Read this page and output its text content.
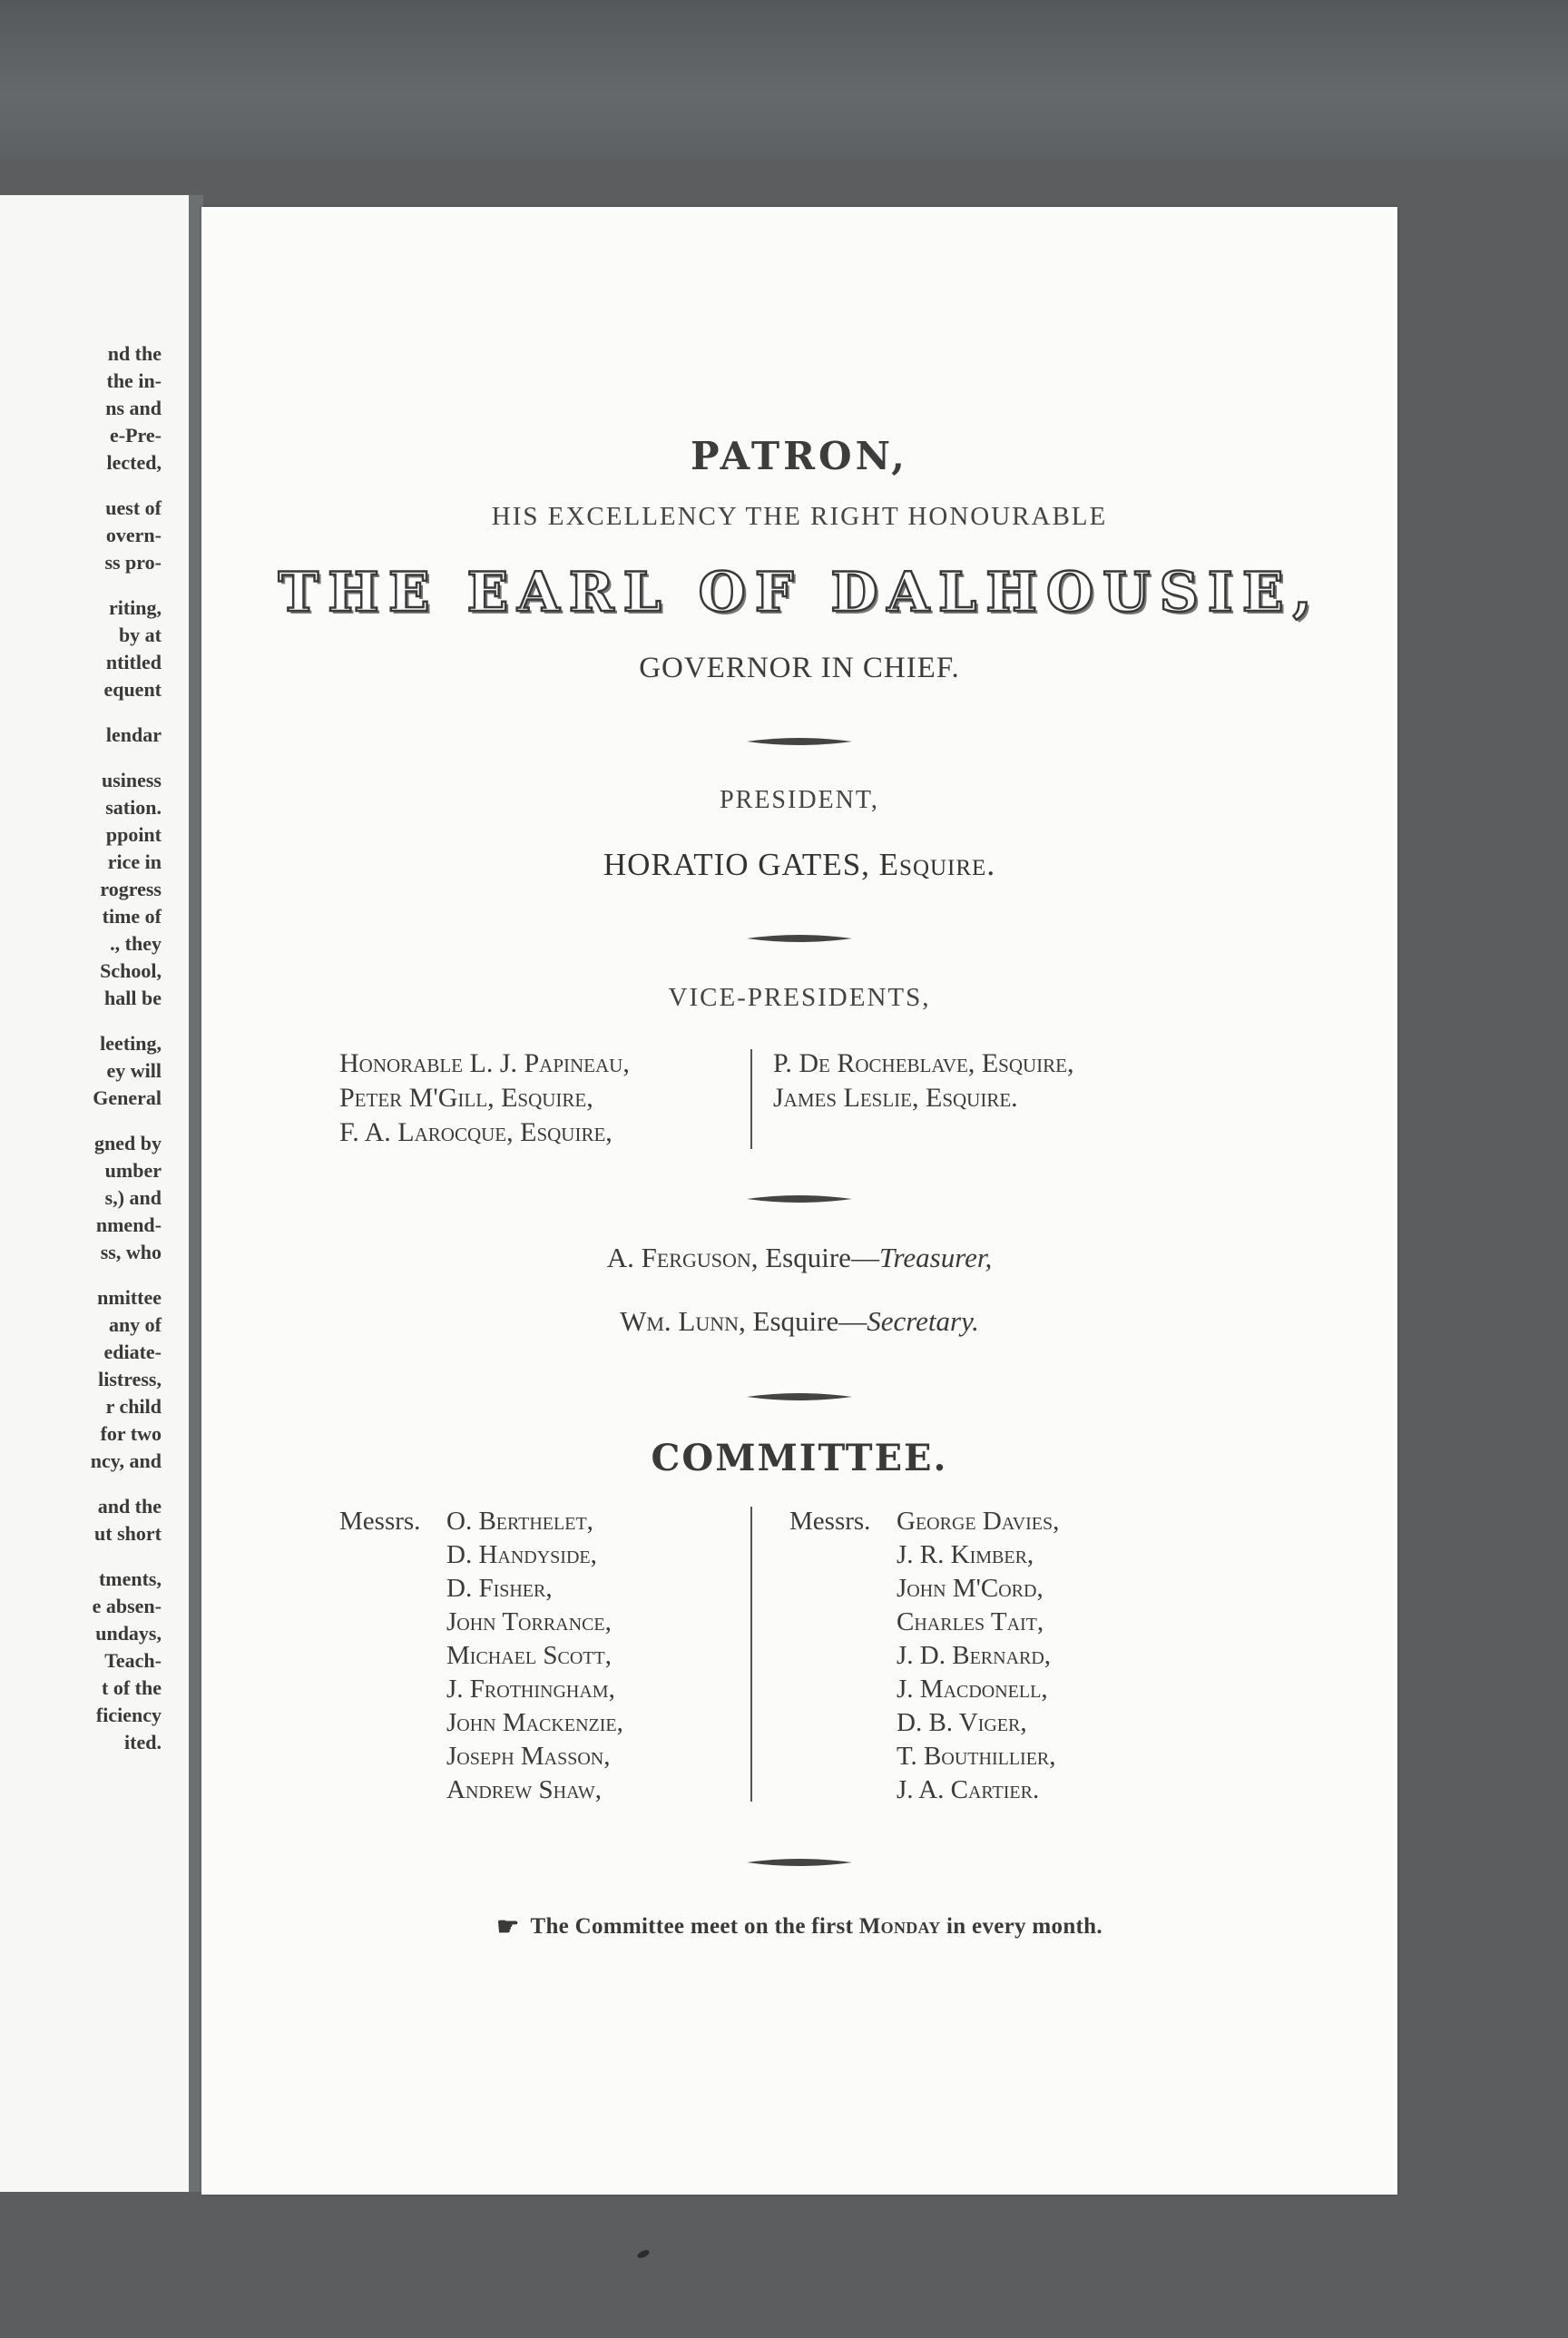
nd the
the in-
ns and
e-Pre-
lected,
uest of
overn-
ss pro-
riting,
by at
ntitled
equent
lendar
usiness
sation.
ppoint
rice in
rogress
time of
., they
School,
hall be
leeting,
ey will
General
gned by
umber
s,) and
nmend-
ss, who
nmittee
any of
ediate-
listress,
r child
for two
ncy, and
and the
ut short
tments,
e absen-
undays,
Teach-
t of the
ficiency
ited.
PATRON,
HIS EXCELLENCY THE RIGHT HONOURABLE
THE EARL OF DALHOUSIE,
GOVERNOR IN CHIEF.
PRESIDENT,
HORATIO GATES, Esquire.
VICE-PRESIDENTS,
Honorable L. J. Papineau,
Peter M'Gill, Esquire,
F. A. Larocque, Esquire,
P. De Rocheblave, Esquire,
James Leslie, Esquire.
A. Ferguson, Esquire—Treasurer,
Wm. Lunn, Esquire—Secretary.
COMMITTEE.
Messrs. O. Berthelet,
D. Handyside,
D. Fisher,
John Torrance,
Michael Scott,
J. Frothingham,
John Mackenzie,
Joseph Masson,
Andrew Shaw,
Messrs. George Davies,
J. R. Kimber,
John M'Cord,
Charles Tait,
J. D. Bernard,
J. Macdonell,
D. B. Viger,
T. Bouthillier,
J. A. Cartier.
☛ The Committee meet on the first Monday in every month.
